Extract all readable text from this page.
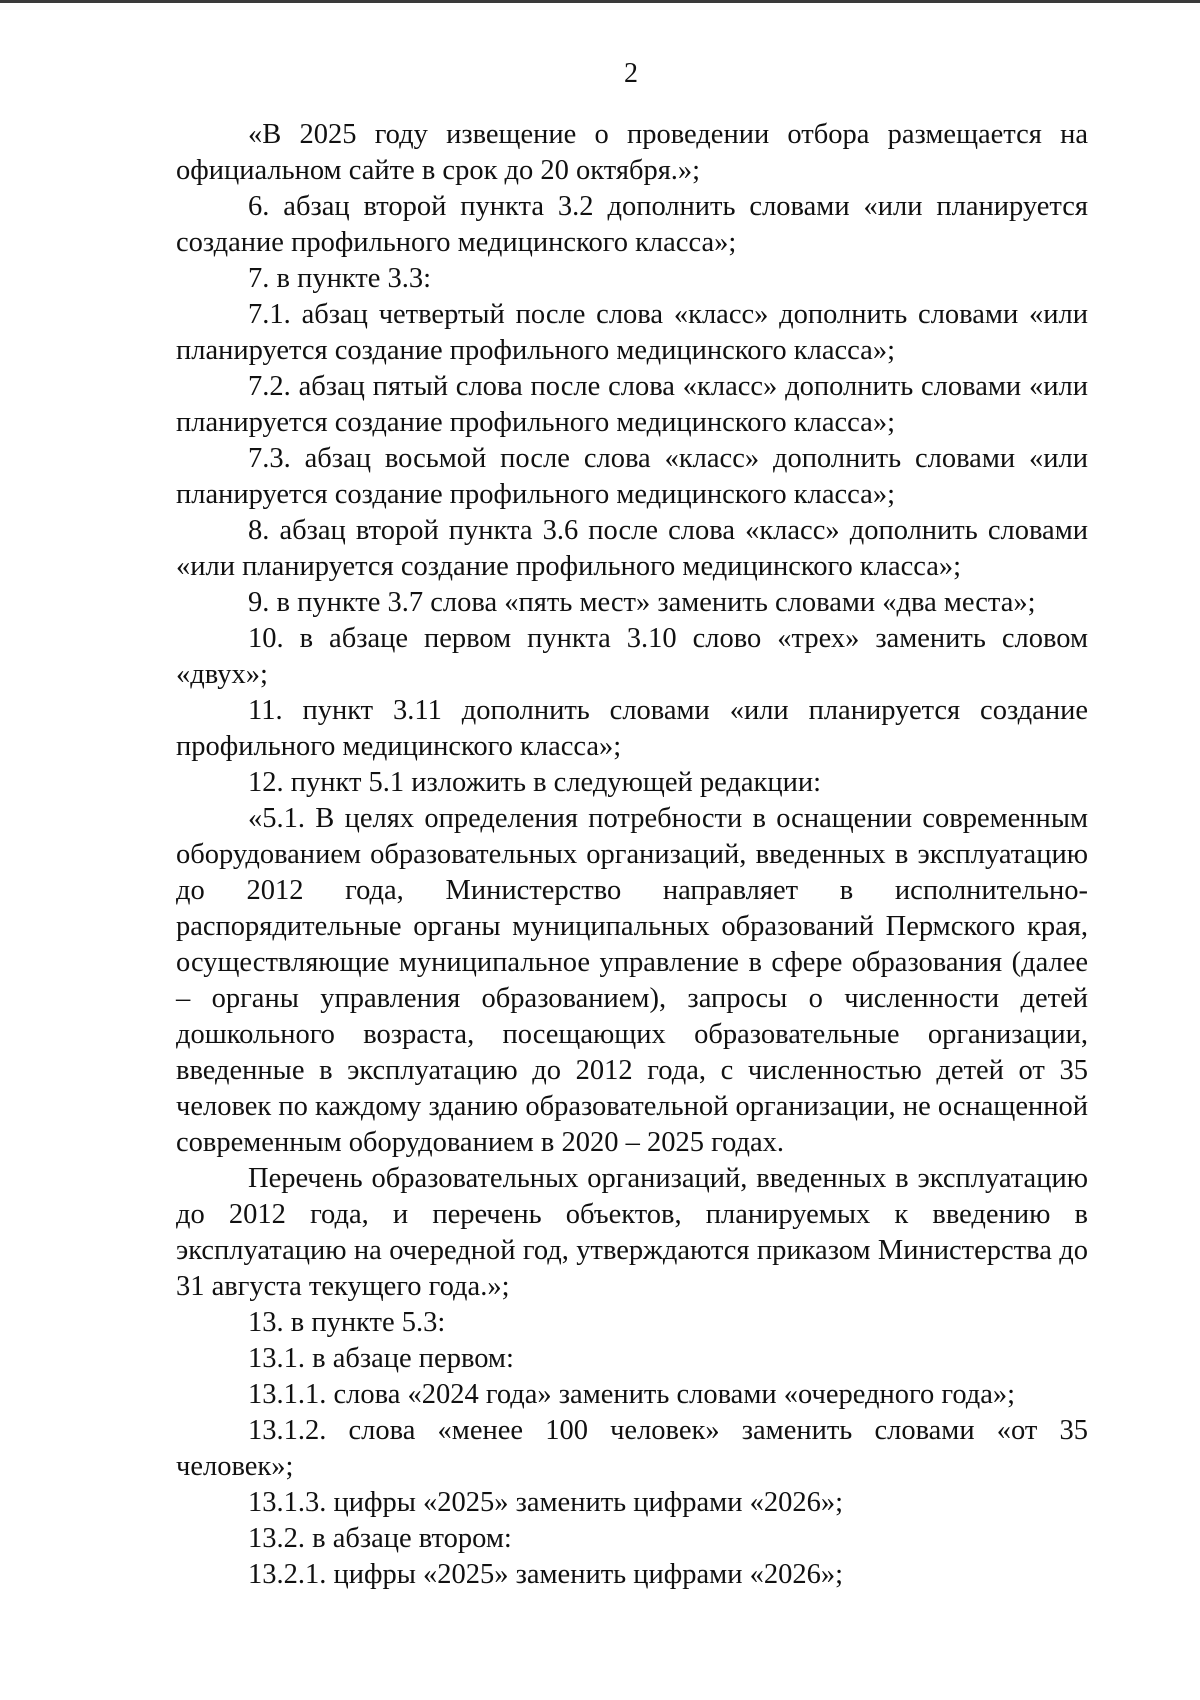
2

«В 2025 году извещение о проведении отбора размещается на официальном сайте в срок до 20 октября.»;

6. абзац второй пункта 3.2 дополнить словами «или планируется создание профильного медицинского класса»;

7. в пункте 3.3:

7.1. абзац четвертый после слова «класс» дополнить словами «или планируется создание профильного медицинского класса»;

7.2. абзац пятый слова после слова «класс» дополнить словами «или планируется создание профильного медицинского класса»;

7.3. абзац восьмой после слова «класс» дополнить словами «или планируется создание профильного медицинского класса»;

8. абзац второй пункта 3.6 после слова «класс» дополнить словами «или планируется создание профильного медицинского класса»;

9. в пункте 3.7 слова «пять мест» заменить словами «два места»;

10. в абзаце первом пункта 3.10 слово «трех» заменить словом «двух»;

11. пункт 3.11 дополнить словами «или планируется создание профильного медицинского класса»;

12. пункт 5.1 изложить в следующей редакции:

«5.1. В целях определения потребности в оснащении современным оборудованием образовательных организаций, введенных в эксплуатацию до 2012 года, Министерство направляет в исполнительно-распорядительные органы муниципальных образований Пермского края, осуществляющие муниципальное управление в сфере образования (далее – органы управления образованием), запросы о численности детей дошкольного возраста, посещающих образовательные организации, введенные в эксплуатацию до 2012 года, с численностью детей от 35 человек по каждому зданию образовательной организации, не оснащенной современным оборудованием в 2020 – 2025 годах.

Перечень образовательных организаций, введенных в эксплуатацию до 2012 года, и перечень объектов, планируемых к введению в эксплуатацию на очередной год, утверждаются приказом Министерства до 31 августа текущего года.»;

13. в пункте 5.3:

13.1. в абзаце первом:

13.1.1. слова «2024 года» заменить словами «очередного года»;

13.1.2. слова «менее 100 человек» заменить словами «от 35 человек»;

13.1.3. цифры «2025» заменить цифрами «2026»;

13.2. в абзаце втором:

13.2.1. цифры «2025» заменить цифрами «2026»;
